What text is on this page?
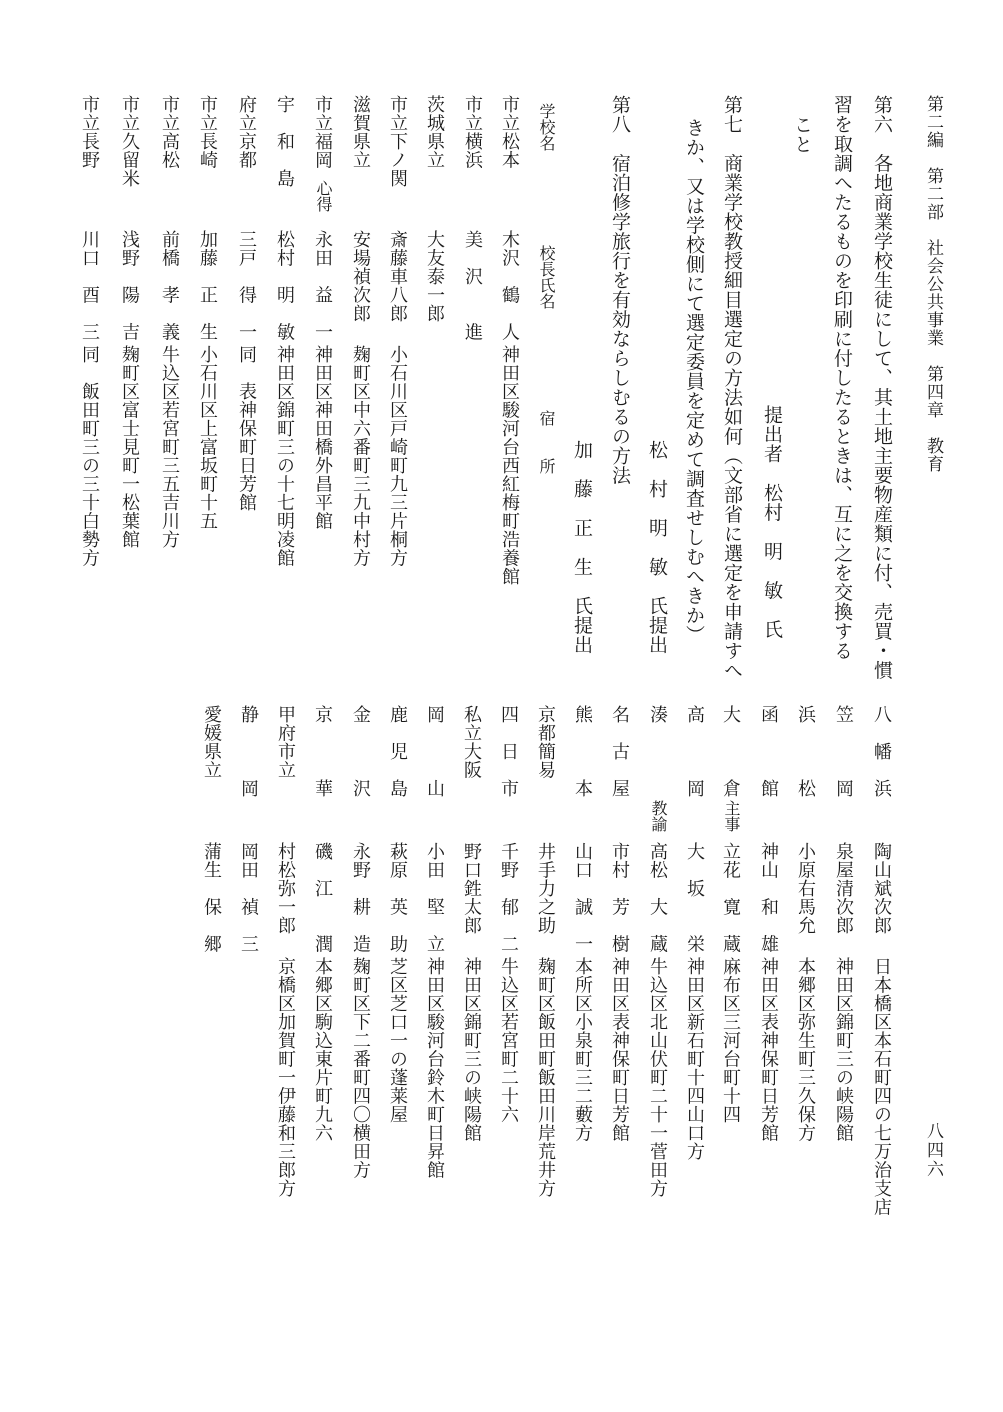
第二編　第二部　社会公共事業　第四章　教育
八四六
第六　各地商業学校生徒にして、其土地主要物産類に付、売買・慣
習を取調へたるものを印刷に付したるときは、互に之を交換する
こと
提出者　松村　明　敏　氏
第七　商業学校教授細目選定の方法如何（文部省に選定を申請すへ
きか、又は学校側にて選定委員を定めて調査せしむへきか）
松　村　明　敏　氏提出
加　藤　正　生　氏提出
第八　宿泊修学旅行を有効ならしむるの方法
学校名
校長氏名
宿　　所
市立松本
木沢　鶴　人
神田区駿河台西紅梅町浩養館
市立横浜
美　沢　　進
茨城県立
大友泰一郎
市立下ノ関
斎藤車八郎
小石川区戸崎町九三片桐方
滋賀県立
安場禎次郎
麹町区中六番町三九中村方
市立福岡
心得
永田　益　一
神田区神田橋外昌平館
宇　和　島
松村　明　敏
神田区錦町三の十七明凌館
府立京都
三戸　得　一
同　表神保町日芳館
市立長崎
加藤　正　生
小石川区上富坂町十五
市立高松
前橋　孝　義
牛込区若宮町三五吉川方
市立久留米
浅野　陽　吉
麹町区富士見町一松葉館
市立長野
川口　酉　三
同　飯田町三の三十白勢方
八　幡　浜
陶山斌次郎
日本橋区本石町四の七万治支店
笠　　　岡
泉屋清次郎
神田区錦町三の峡陽館
浜　　　松
小原右馬允
本郷区弥生町三久保方
函　　　館
神山　和　雄
神田区表神保町日芳館
大　　　倉
主事
立花　寛　蔵
麻布区三河台町十四
高　　　岡
大　坂　　栄
神田区新石町十四山口方
湊
教諭
高松　大　蔵
牛込区北山伏町二十一菅田方
名　古　屋
市村　芳　樹
神田区表神保町日芳館
熊　　　本
山口　誠　一
本所区小泉町三二藪方
京都簡易
井手力之助
麹町区飯田町飯田川岸荒井方
四　日　市
千野　郁　二
牛込区若宮町二十六
私立大阪
野口鉎太郎
神田区錦町三の峡陽館
岡　　　山
小田　堅　立
神田区駿河台鈴木町日昇館
鹿　児　島
萩原　英　助
芝区芝口一の蓬莱屋
金　　　沢
永野　耕　造
麹町区下二番町四〇横田方
京　　　華
磯　江　　潤
本郷区駒込東片町九六
甲府市立
村松弥一郎
京橋区加賀町一伊藤和三郎方
静　　　岡
岡田　禎　三
愛媛県立
蒲生　保　郷
